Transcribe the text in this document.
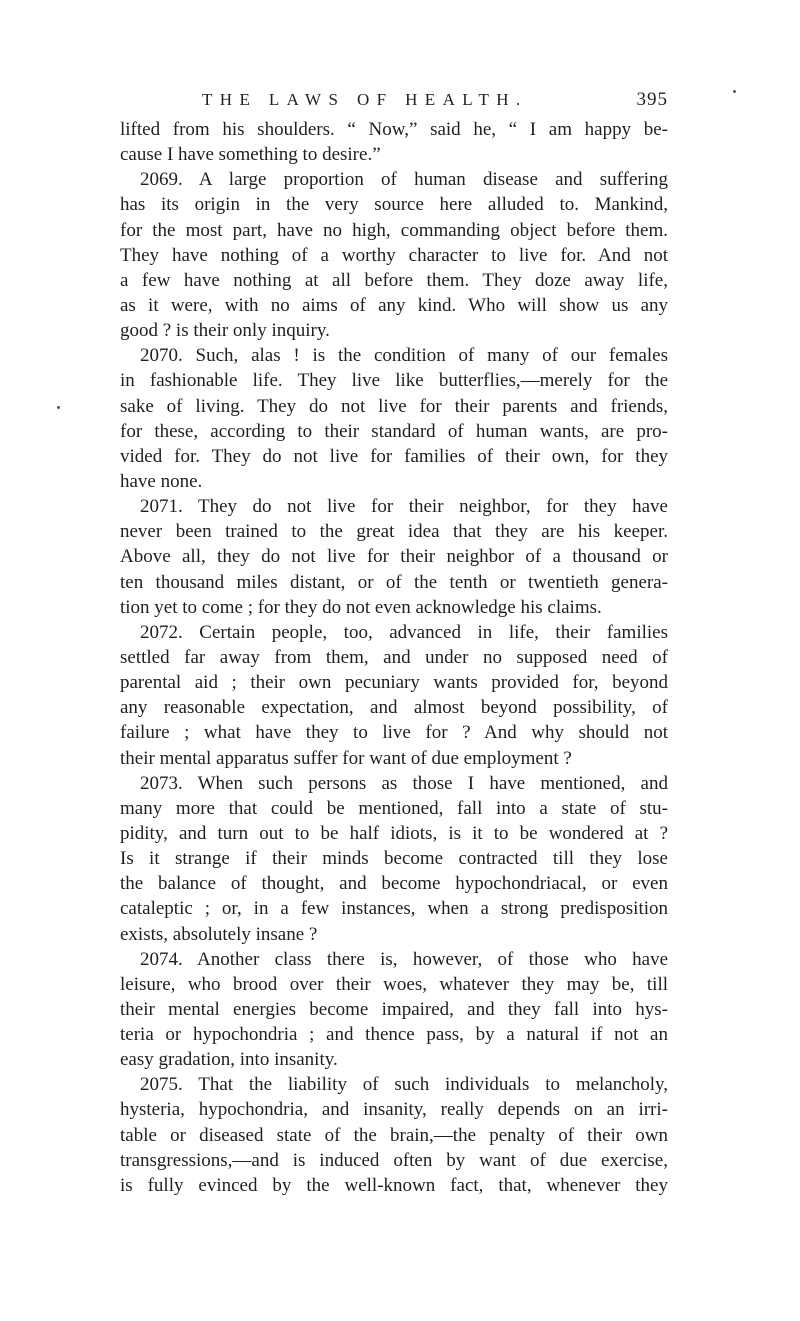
THE LAWS OF HEALTH.	395

lifted from his shoulders. “ Now,” said he, “ I am happy be-

cause I have something to desire.”

2069. A large proportion of human disease and suffering

has its origin in the very source here alluded to. Mankind,

for the most part, have no high, commanding object before them.

They have nothing of a worthy character to live for. And not

a few have nothing at all before them. They doze away life,

as it were, with no aims of any kind. Who will show us any

good ? is their only inquiry.

2070. Such, alas ! is the condition of many of our females

in fashionable life. They live like butterflies,—merely for the

sake of living. They do not live for their parents and friends,

for these, according to their standard of human wants, are pro-

vided for. They do not live for families of their own, for they

have none.

2071. They do not live for their neighbor, for they have

never been trained to the great idea that they are his keeper.

Above all, they do not live for their neighbor of a thousand or

ten thousand miles distant, or of the tenth or twentieth genera-

tion yet to come ; for they do not even acknowledge his claims.

2072. Certain people, too, advanced in life, their families

settled far away from them, and under no supposed need of

parental aid ; their own pecuniary wants provided for, beyond

any reasonable expectation, and almost beyond possibility, of

failure ; what have they to live for ? And why should not

their mental apparatus suffer for want of due employment ?

2073. When such persons as those I have mentioned, and

many more that could be mentioned, fall into a state of stu-

pidity, and turn out to be half idiots, is it to be wondered at ?

Is it strange if their minds become contracted till they lose

the balance of thought, and become hypochondriacal, or even

cataleptic ; or, in a few instances, when a strong predisposition

exists, absolutely insane ?

2074. Another class there is, however, of those who have

leisure, who brood over their woes, whatever they may be, till

their mental energies become impaired, and they fall into hys-

teria or hypochondria ; and thence pass, by a natural if not an

easy gradation, into insanity.

2075. That the liability of such individuals to melancholy,

hysteria, hypochondria, and insanity, really depends on an irri-

table or diseased state of the brain,—the penalty of their own

transgressions,—and is induced often by want of due exercise,

is fully evinced by the well-known fact, that, whenever they
